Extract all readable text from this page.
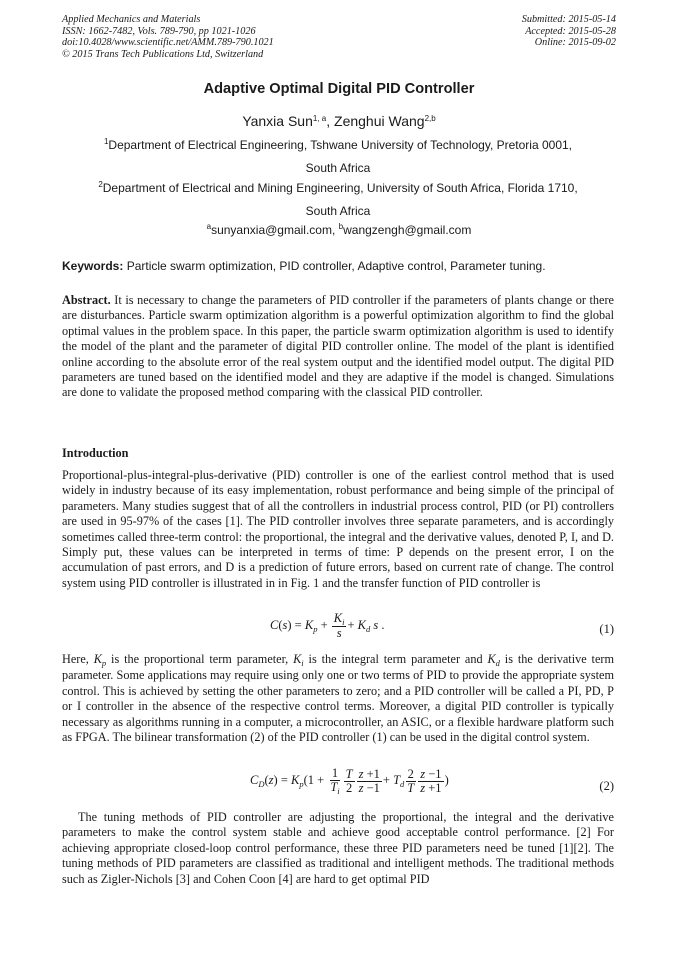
Applied Mechanics and Materials
ISSN: 1662-7482, Vols. 789-790, pp 1021-1026
doi:10.4028/www.scientific.net/AMM.789-790.1021
© 2015 Trans Tech Publications Ltd, Switzerland
Submitted: 2015-05-14
Accepted: 2015-05-28
Online: 2015-09-02
Adaptive Optimal Digital PID Controller
Yanxia Sun$^{1, a}$, Zenghui Wang$^{2,b}$
$^1$Department of Electrical Engineering, Tshwane University of Technology, Pretoria 0001,
South Africa
$^2$Department of Electrical and Mining Engineering, University of South Africa, Florida 1710,
South Africa
$^a$sunyanxia@gmail.com, $^b$wangzengh@gmail.com
Keywords: Particle swarm optimization, PID controller, Adaptive control, Parameter tuning.
Abstract. It is necessary to change the parameters of PID controller if the parameters of plants change or there are disturbances. Particle swarm optimization algorithm is a powerful optimization algorithm to find the global optimal values in the problem space. In this paper, the particle swarm optimization algorithm is used to identify the model of the plant and the parameter of digital PID controller online. The model of the plant is identified online according to the absolute error of the real system output and the identified model output. The digital PID parameters are tuned based on the identified model and they are adaptive if the model is changed. Simulations are done to validate the proposed method comparing with the classical PID controller.
Introduction
Proportional-plus-integral-plus-derivative (PID) controller is one of the earliest control method that is used widely in industry because of its easy implementation, robust performance and being simple of the principal of parameters. Many studies suggest that of all the controllers in industrial process control, PID (or PI) controllers are used in 95-97% of the cases [1]. The PID controller involves three separate parameters, and is accordingly sometimes called three-term control: the proportional, the integral and the derivative values, denoted P, I, and D. Simply put, these values can be interpreted in terms of time: P depends on the present error, I on the accumulation of past errors, and D is a prediction of future errors, based on current rate of change. The control system using PID controller is illustrated in in Fig. 1 and the transfer function of PID controller is
$C(s) = K_p + \frac{K_i}{s} + K_d$ s .	(1)
Here, $K_p$ is the proportional term parameter, $K_i$ is the integral term parameter and $K_d$ is the derivative term parameter. Some applications may require using only one or two terms of PID to provide the appropriate system control. This is achieved by setting the other parameters to zero; and a PID controller will be called a PI, PD, P or I controller in the absence of the respective control terms. Moreover, a digital PID controller is typically necessary as algorithms running in a computer, a microcontroller, an ASIC, or a flexible hardware platform such as FPGA. The bilinear transformation (2) of the PID controller (1) can be used in the digital control system.
$C_D(z) = K_p(1 + \frac{1}{T_i} \frac{T}{2} \frac{z +1}{z -1} + T_d \frac{2}{T} \frac{z -1}{z +1}$ )	(2)
The tuning methods of PID controller are adjusting the proportional, the integral and the derivative parameters to make the control system stable and achieve good acceptable control performance. [2] For achieving appropriate closed-loop control performance, these three PID parameters need be tuned [1][2]. The tuning methods of PID parameters are classified as traditional and intelligent methods. The traditional methods such as Zigler-Nichols [3] and Cohen Coon [4] are hard to get optimal PID
